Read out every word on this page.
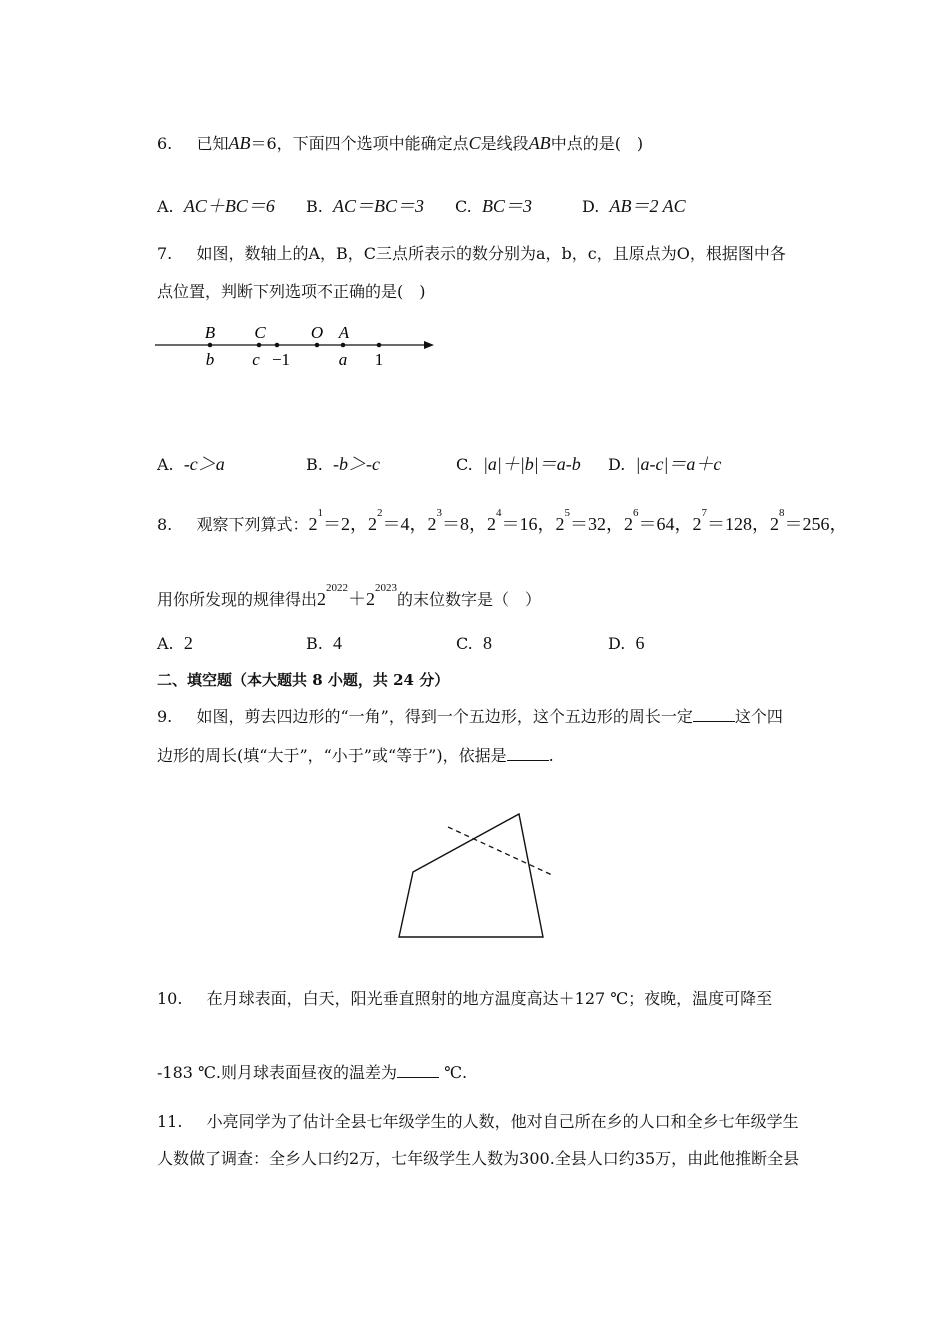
6. 已知AB＝6，下面四个选项中能确定点C是线段AB中点的是(　)
A. AC＋BC＝6 B. AC＝BC＝3 C. BC＝3	D. AB＝2 AC
7. 如图，数轴上的A，B，C三点所表示的数分别为a，b，c，且原点为O，根据图中各
点位置，判断下列选项不正确的是(　)
B C	O A
b c −1	a 1
A. -c＞a	B. -b＞-c	C. |a|＋|b|＝a-b D. |a-c|＝a＋c
8. 观察下列算式：$2^1=2$，$2^2=4$，$2^3=8$，$2^4=16$，$2^5=32$，$2^6=64$，$2^7=128$，$2^8=256$，
用你所发现的规律得出$2^{2022}+2^{2023}$的末位数字是（　）
A. 2	B. 4	C. 8	D. 6
二、填空题（本大题共 8 小题，共 24 分）
9. 如图，剪去四边形的“一角”，得到一个五边形，这个五边形的周长一定	这个四
边形的周长(填“大于”，“小于”或“等于”)，依据是	.
10. 在月球表面，白天，阳光垂直照射的地方温度高达＋127 ℃；夜晚，温度可降至
-183 ℃.则月球表面昼夜的温差为	℃.
11. 小亮同学为了估计全县七年级学生的人数，他对自己所在乡的人口和全乡七年级学生
人数做了调查：全乡人口约2万，七年级学生人数为300.全县人口约35万，由此他推断全县
